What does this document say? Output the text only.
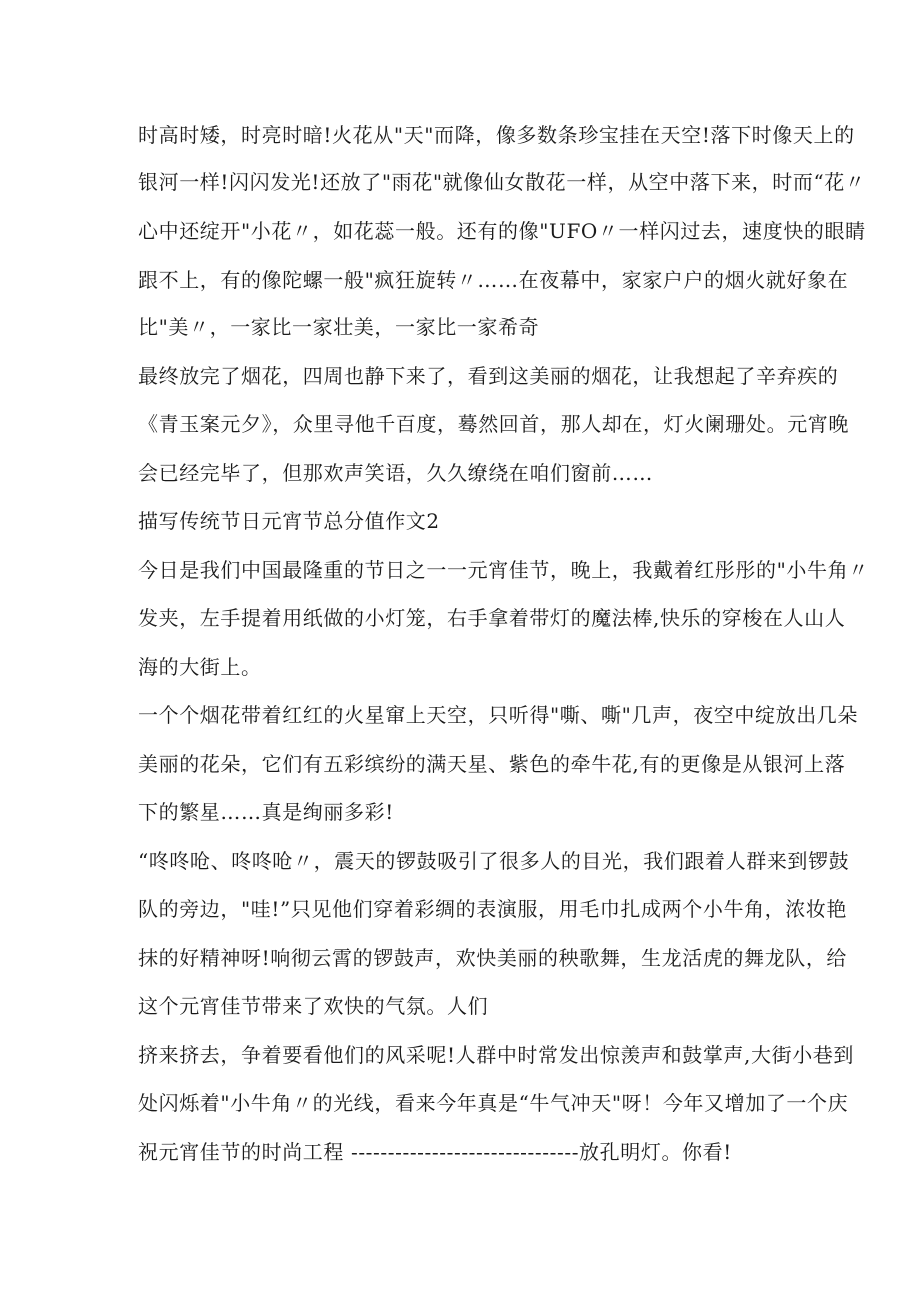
时高时矮，时亮时暗!火花从"天"而降，像多数条珍宝挂在天空!落下时像天上的
银河一样!闪闪发光!还放了"雨花"就像仙女散花一样，从空中落下来，时而“花〃
心中还绽开"小花〃，如花蕊一般。还有的像"UFO〃一样闪过去，速度快的眼睛
跟不上，有的像陀螺一般"疯狂旋转〃……在夜幕中，家家户户的烟火就好象在
比"美〃，一家比一家壮美，一家比一家希奇
最终放完了烟花，四周也静下来了，看到这美丽的烟花，让我想起了辛弃疾的
《青玉案元夕》，众里寻他千百度，蓦然回首，那人却在，灯火阑珊处。元宵晚
会已经完毕了，但那欢声笑语，久久缭绕在咱们窗前……
描写传统节日元宵节总分值作文2
今日是我们中国最隆重的节日之一一元宵佳节，晚上，我戴着红彤彤的"小牛角〃
发夹，左手提着用纸做的小灯笼，右手拿着带灯的魔法棒,快乐的穿梭在人山人
海的大街上。
一个个烟花带着红红的火星窜上天空，只听得"嘶、嘶"几声，夜空中绽放出几朵
美丽的花朵，它们有五彩缤纷的满天星、紫色的牵牛花,有的更像是从银河上落
下的繁星……真是绚丽多彩!
“咚咚呛、咚咚呛〃，震天的锣鼓吸引了很多人的目光，我们跟着人群来到锣鼓
队的旁边，"哇!”只见他们穿着彩绸的表演服，用毛巾扎成两个小牛角，浓妆艳
抹的好精神呀!响彻云霄的锣鼓声，欢快美丽的秧歌舞，生龙活虎的舞龙队，给
这个元宵佳节带来了欢快的气氛。人们
挤来挤去，争着要看他们的风采呢!人群中时常发出惊羡声和鼓掌声,大街小巷到
处闪烁着"小牛角〃的光线，看来今年真是“牛气冲天"呀！今年又增加了一个庆
祝元宵佳节的时尚工程 -------------------------------放孔明灯。你看!
